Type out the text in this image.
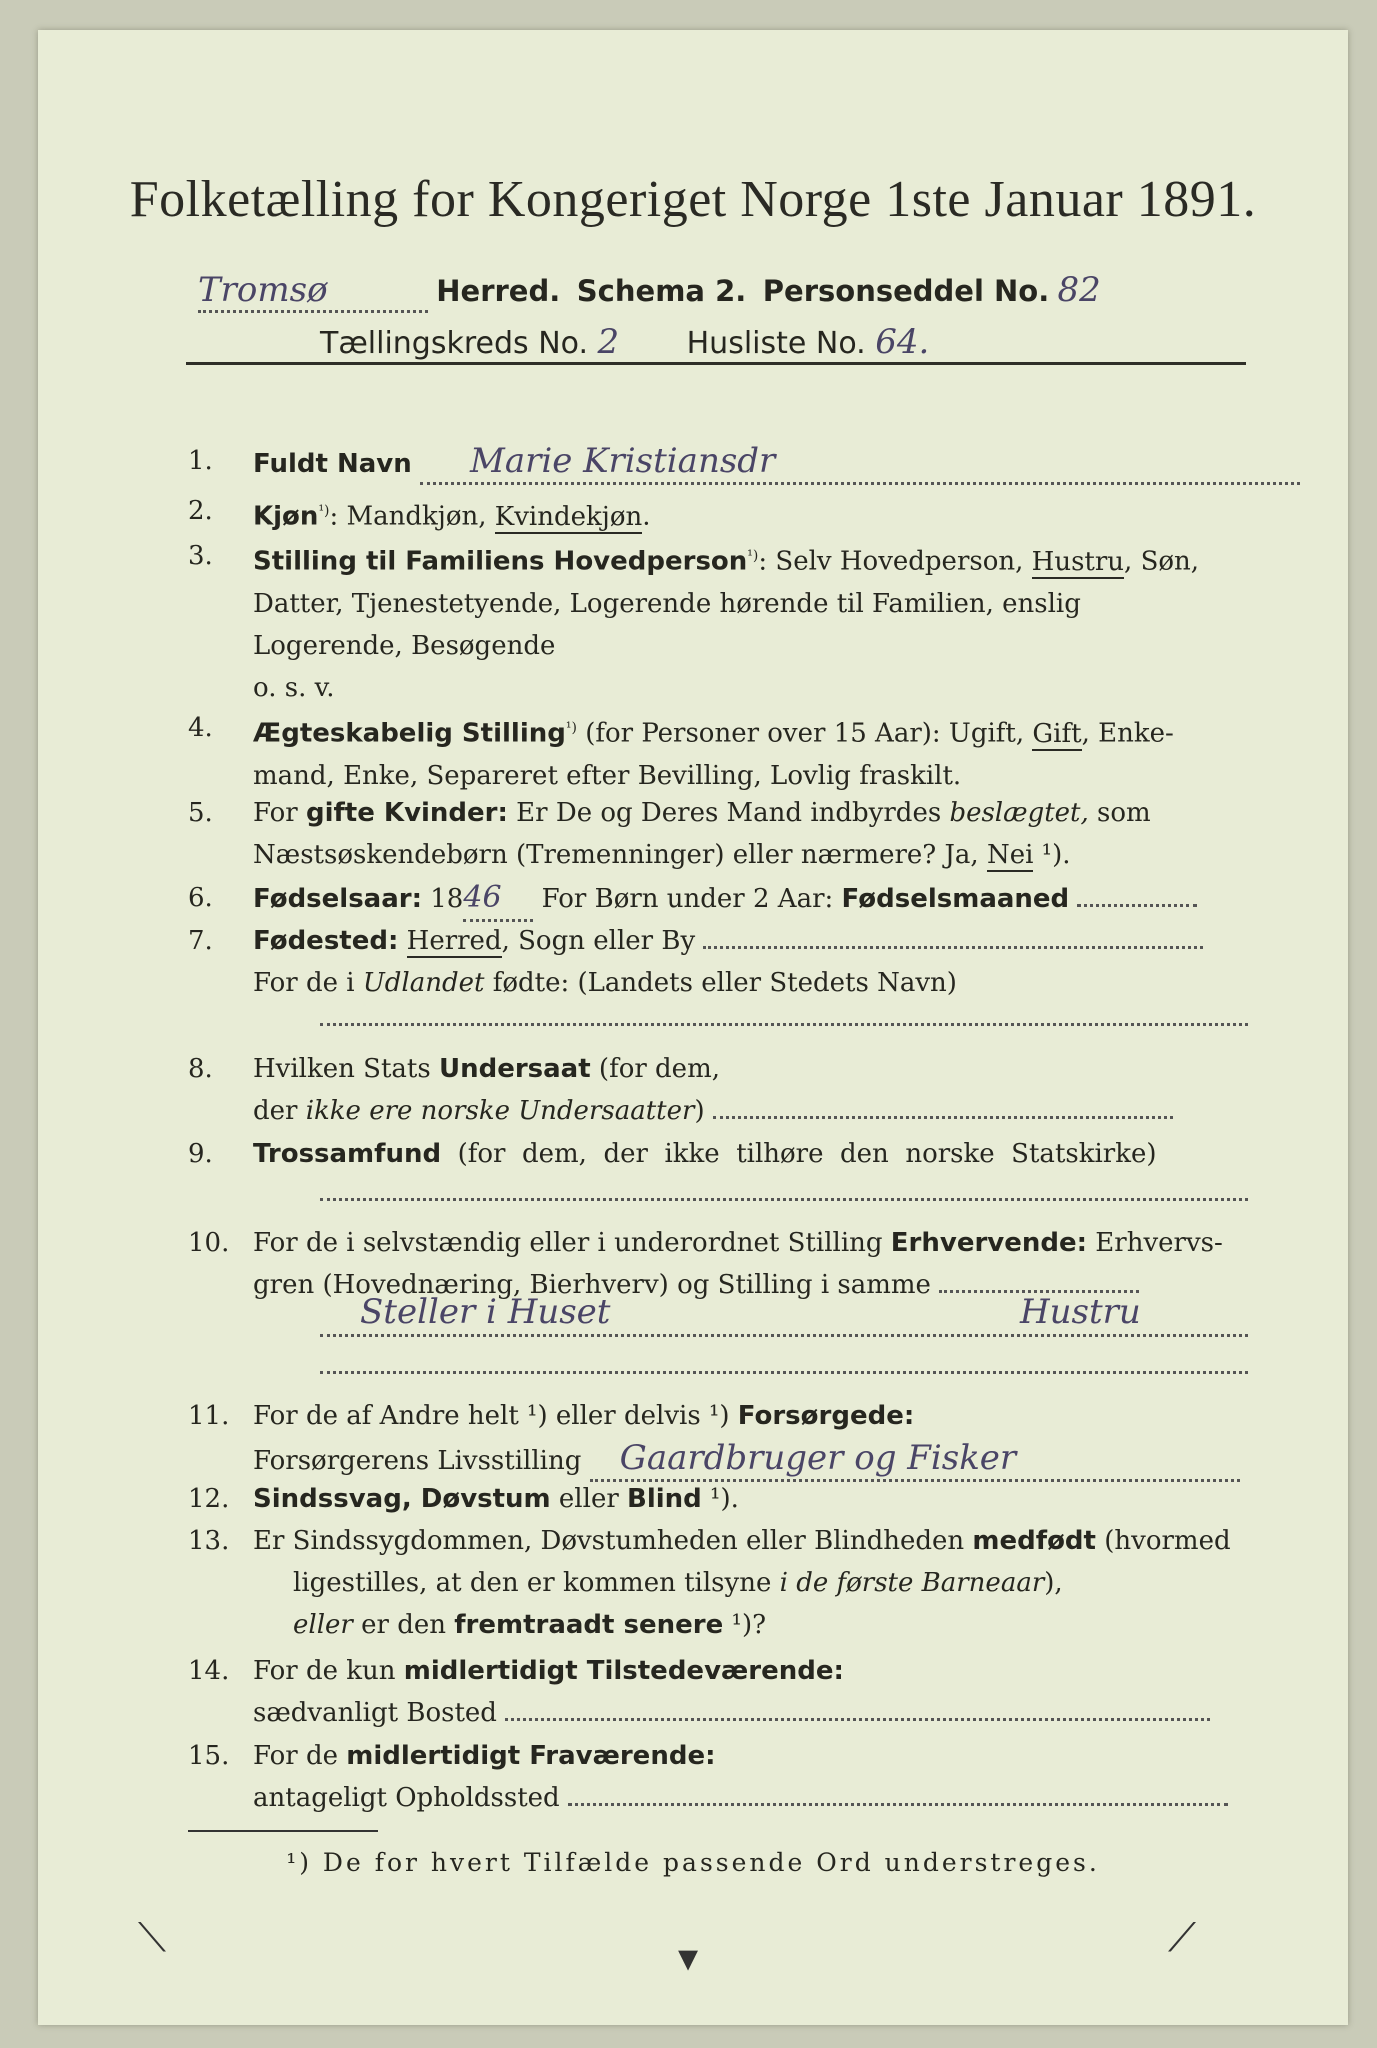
Folketælling for Kongeriget Norge 1ste Januar 1891.
Tromsø	Herred. Schema 2. Personseddel No. 82
Tællingskreds No. 2 Husliste No. 64.
1.	Fuldt Navn Marie Kristiansdr
2.	Kjøn$^{^1)}$: Mandkjøn, Kvindekjøn.
3.	Stilling til Familiens Hovedperson$^{^1)}$: Selv Hovedperson, Hustru, Søn,
Datter, Tjenestetyende, Logerende hørende til Familien, enslig
Logerende, Besøgende
o. s. v.
4.	Ægteskabelig Stilling$^{^1)}$ (for Personer over 15 Aar): Ugift, Gift, Enke-
mand, Enke, Separeret efter Bevilling, Lovlig fraskilt.
5.	For gifte Kvinder: Er De og Deres Mand indbyrdes beslægtet, som
Næstsøskendebørn (Tremenninger) eller nærmere? Ja, Nei ¹).
6.	Fødselsaar: 1846 For Børn under 2 Aar: Fødselsmaaned
7.	Fødested: Herred, Sogn eller By
For de i Udlandet fødte: (Landets eller Stedets Navn)
8.	Hvilken Stats Undersaat (for dem,
der ikke ere norske Undersaatter)
9.	Trossamfund  (for  dem,  der  ikke  tilhøre  den  norske  Statskirke)
10. For de i selvstændig eller i underordnet Stilling Erhvervende: Erhvervs-
gren (Hovednæring, Bierhverv) og Stilling i samme
Steller i Huset	Hustru
11. For de af Andre helt ¹) eller delvis ¹) Forsørgede:
Forsørgerens Livsstilling Gaardbruger og Fisker
12. Sindssvag, Døvstum eller Blind ¹).
13. Er Sindssygdommen, Døvstumheden eller Blindheden medfødt (hvormed
ligestilles, at den er kommen tilsyne i de første Barneaar),
eller er den fremtraadt senere ¹)?
14. For de kun midlertidigt Tilstedeværende:
sædvanligt Bosted
15. For de midlertidigt Fraværende:
antageligt Opholdssted
¹) De for hvert Tilfælde passende Ord understreges.
⟍	▾	⟋
